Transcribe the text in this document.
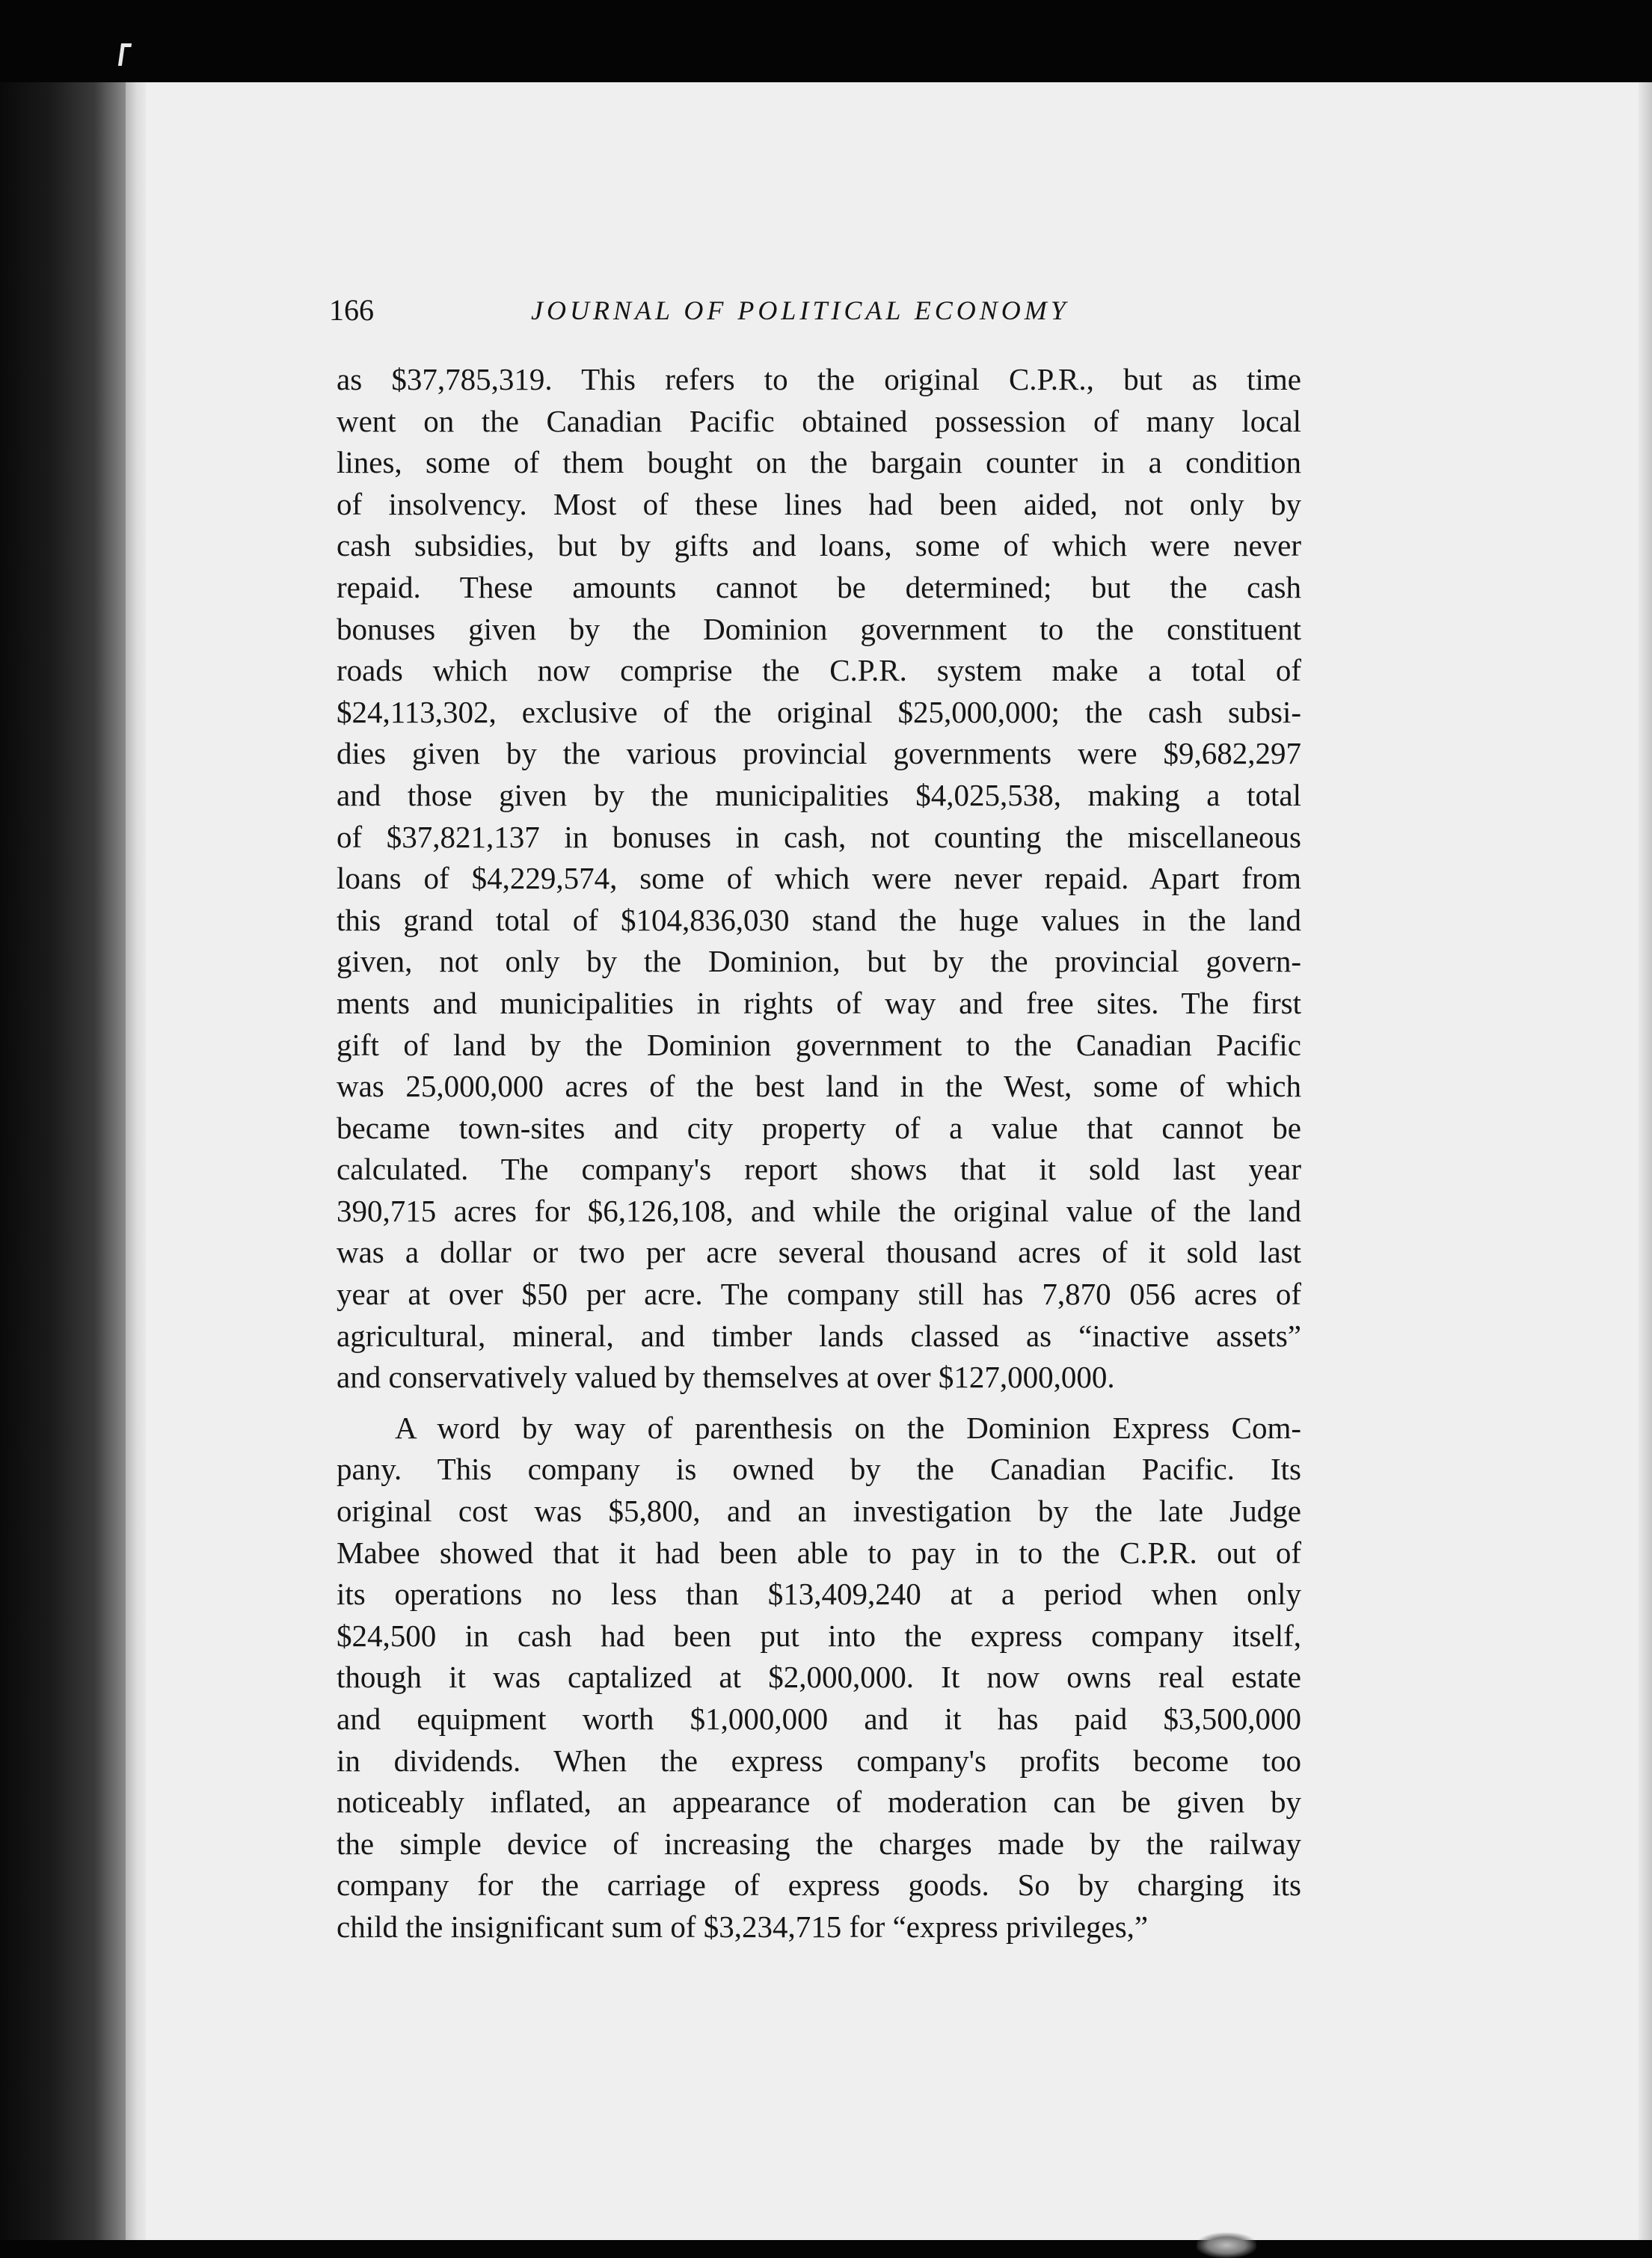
166	JOURNAL OF POLITICAL ECONOMY
as $37,785,319. This refers to the original C.P.R., but as time
went on the Canadian Pacific obtained possession of many local
lines, some of them bought on the bargain counter in a condition
of insolvency. Most of these lines had been aided, not only by
cash subsidies, but by gifts and loans, some of which were never
repaid. These amounts cannot be determined; but the cash
bonuses given by the Dominion government to the constituent
roads which now comprise the C.P.R. system make a total of
$24,113,302, exclusive of the original $25,000,000; the cash subsi-
dies given by the various provincial governments were $9,682,297
and those given by the municipalities $4,025,538, making a total
of $37,821,137 in bonuses in cash, not counting the miscellaneous
loans of $4,229,574, some of which were never repaid. Apart from
this grand total of $104,836,030 stand the huge values in the land
given, not only by the Dominion, but by the provincial govern-
ments and municipalities in rights of way and free sites. The first
gift of land by the Dominion government to the Canadian Pacific
was 25,000,000 acres of the best land in the West, some of which
became town-sites and city property of a value that cannot be
calculated. The company's report shows that it sold last year
390,715 acres for $6,126,108, and while the original value of the land
was a dollar or two per acre several thousand acres of it sold last
year at over $50 per acre. The company still has 7,870 056 acres of
agricultural, mineral, and timber lands classed as “inactive assets”
and conservatively valued by themselves at over $127,000,000.
A word by way of parenthesis on the Dominion Express Com-
pany. This company is owned by the Canadian Pacific. Its
original cost was $5,800, and an investigation by the late Judge
Mabee showed that it had been able to pay in to the C.P.R. out of
its operations no less than $13,409,240 at a period when only
$24,500 in cash had been put into the express company itself,
though it was captalized at $2,000,000. It now owns real estate
and equipment worth $1,000,000 and it has paid $3,500,000
in dividends. When the express company's profits become too
noticeably inflated, an appearance of moderation can be given by
the simple device of increasing the charges made by the railway
company for the carriage of express goods. So by charging its
child the insignificant sum of $3,234,715 for “express privileges,”
